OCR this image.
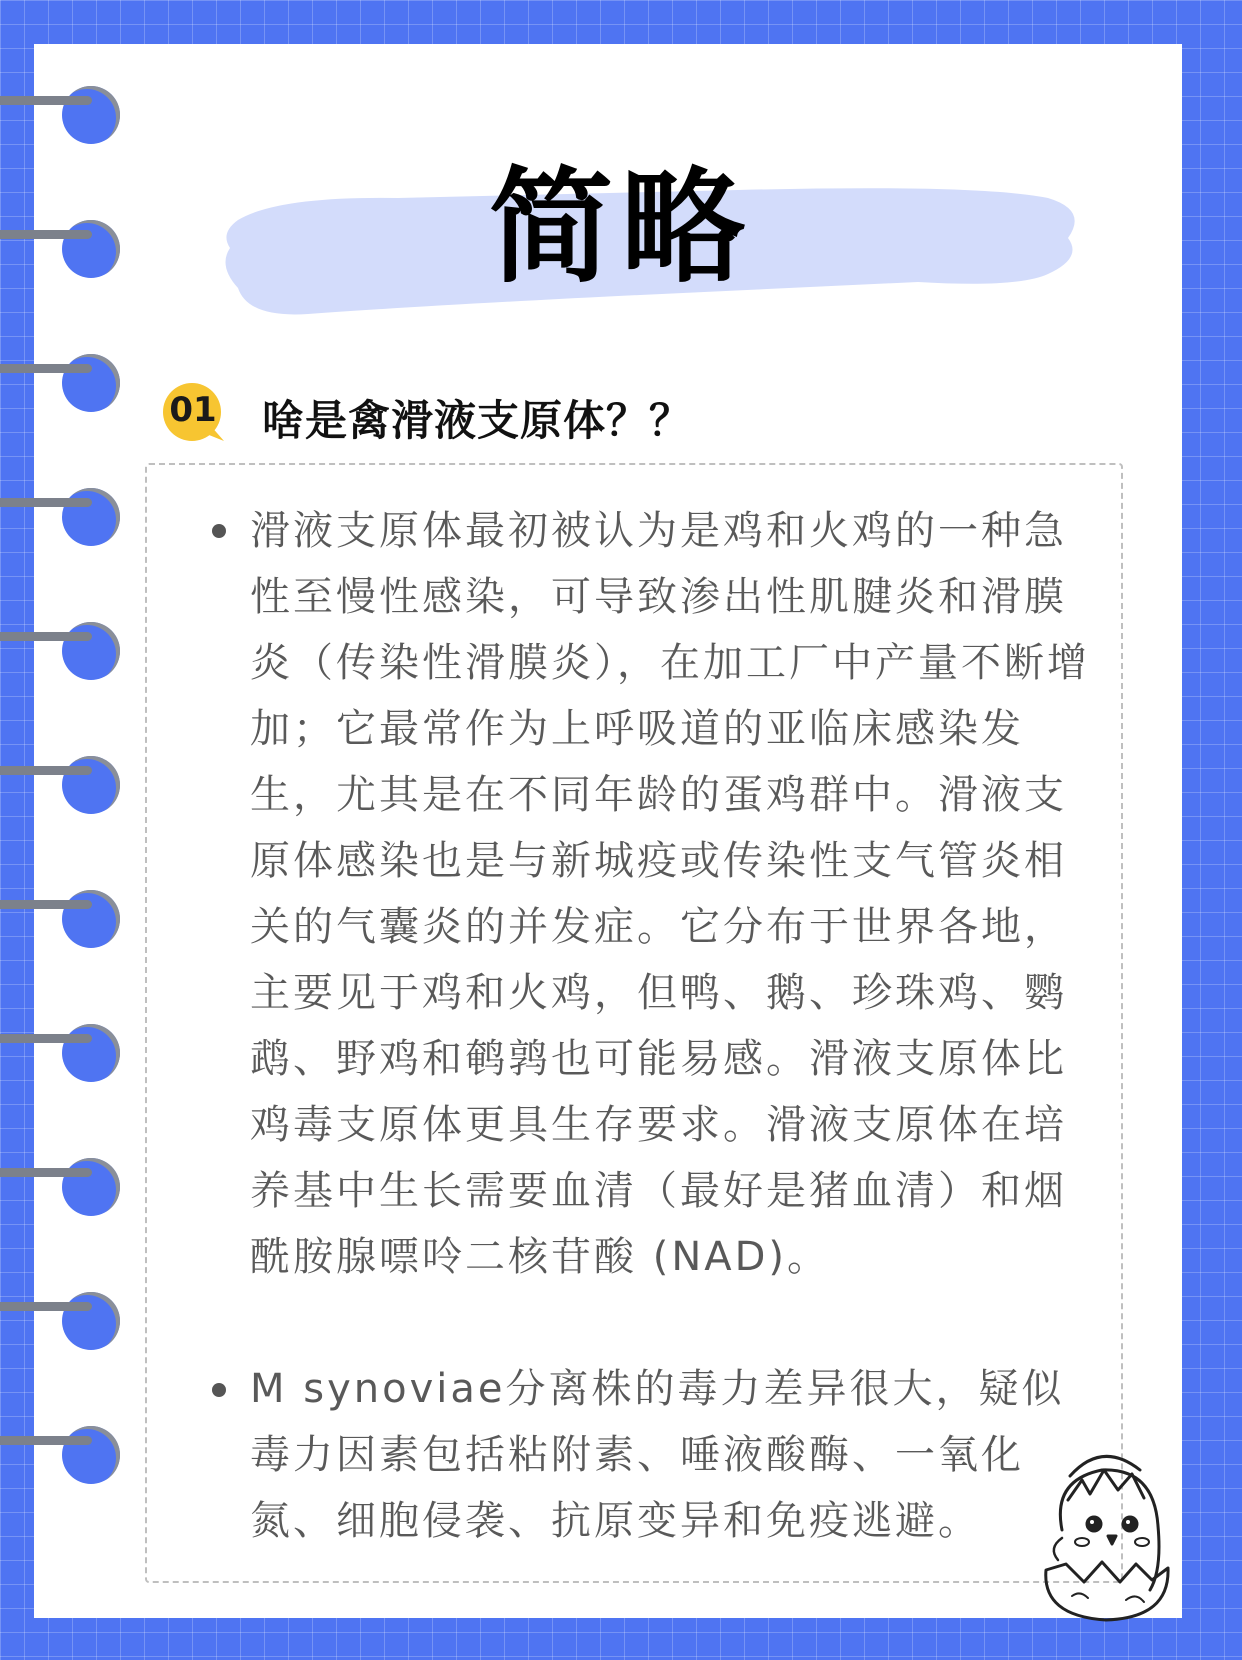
简略
01 啥是禽滑液支原体？？

滑液支原体最初被认为是鸡和火鸡的一种急性至慢性感染，可导致渗出性肌腱炎和滑膜炎（传染性滑膜炎），在加工厂中产量不断增加；它最常作为上呼吸道的亚临床感染发生，尤其是在不同年龄的蛋鸡群中。滑液支原体感染也是与新城疫或传染性支气管炎相关的气囊炎的并发症。它分布于世界各地，主要见于鸡和火鸡，但鸭、鹅、珍珠鸡、鹦鹉、野鸡和鹌鹑也可能易感。滑液支原体比鸡毒支原体更具生存要求。滑液支原体在培养基中生长需要血清（最好是猪血清）和烟酰胺腺嘌呤二核苷酸 (NAD)。

M synoviae分离株的毒力差异很大，疑似毒力因素包括粘附素、唾液酸酶、一氧化氮、细胞侵袭、抗原变异和免疫逃避。
